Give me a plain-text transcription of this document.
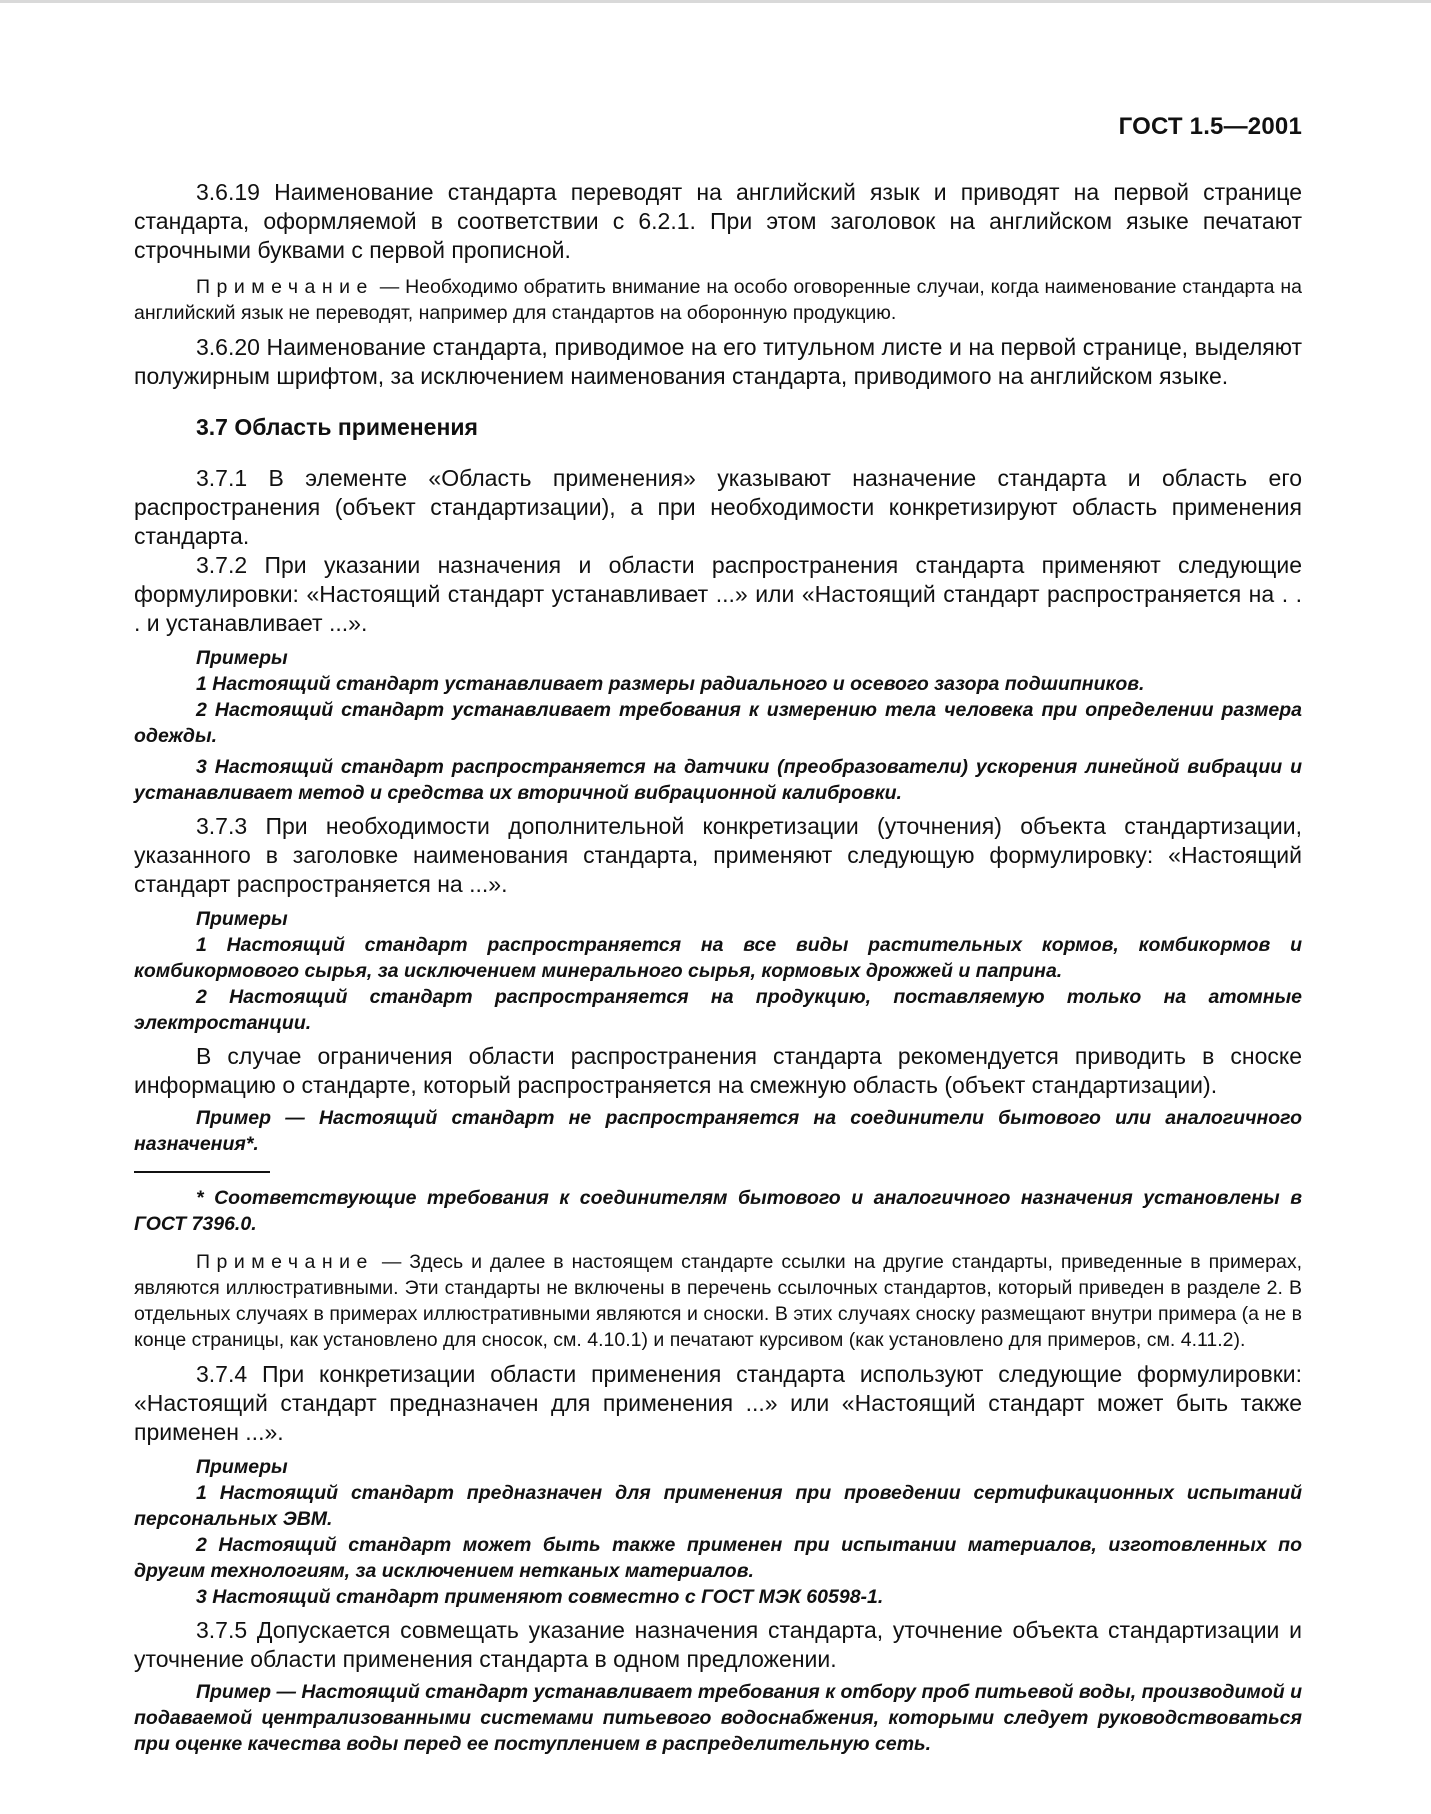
ГОСТ 1.5—2001

3.6.19 Наименование стандарта переводят на английский язык и приводят на первой странице стандарта, оформляемой в соответствии с 6.2.1. При этом заголовок на английском языке печатают строчными буквами с первой прописной.

Примечание — Необходимо обратить внимание на особо оговоренные случаи, когда наименование стандарта на английский язык не переводят, например для стандартов на оборонную продукцию.

3.6.20 Наименование стандарта, приводимое на его титульном листе и на первой странице, выделяют полужирным шрифтом, за исключением наименования стандарта, приводимого на английском языке.

3.7 Область применения

3.7.1 В элементе «Область применения» указывают назначение стандарта и область его распространения (объект стандартизации), а при необходимости конкретизируют область применения стандарта.

3.7.2 При указании назначения и области распространения стандарта применяют следующие формулировки: «Настоящий стандарт устанавливает ...» или «Настоящий стандарт распространяется на . . . и устанавливает ...».

Примеры

1 Настоящий стандарт устанавливает размеры радиального и осевого зазора подшипников.

2 Настоящий стандарт устанавливает требования к измерению тела человека при определении размера одежды.

3 Настоящий стандарт распространяется на датчики (преобразователи) ускорения линейной вибрации и устанавливает метод и средства их вторичной вибрационной калибровки.

3.7.3 При необходимости дополнительной конкретизации (уточнения) объекта стандартизации, указанного в заголовке наименования стандарта, применяют следующую формулировку: «Настоящий стандарт распространяется на ...».

Примеры

1 Настоящий стандарт распространяется на все виды растительных кормов, комбикормов и комбикормового сырья, за исключением минерального сырья, кормовых дрожжей и паприна.

2 Настоящий стандарт распространяется на продукцию, поставляемую только на атомные электростанции.

В случае ограничения области распространения стандарта рекомендуется приводить в сноске информацию о стандарте, который распространяется на смежную область (объект стандартизации).

Пример — Настоящий стандарт не распространяется на соединители бытового или аналогичного назначения*.

* Соответствующие требования к соединителям бытового и аналогичного назначения установлены в ГОСТ 7396.0.

Примечание — Здесь и далее в настоящем стандарте ссылки на другие стандарты, приведенные в примерах, являются иллюстративными. Эти стандарты не включены в перечень ссылочных стандартов, который приведен в разделе 2. В отдельных случаях в примерах иллюстративными являются и сноски. В этих случаях сноску размещают внутри примера (а не в конце страницы, как установлено для сносок, см. 4.10.1) и печатают курсивом (как установлено для примеров, см. 4.11.2).

3.7.4 При конкретизации области применения стандарта используют следующие формулировки: «Настоящий стандарт предназначен для применения ...» или «Настоящий стандарт может быть также применен ...».

Примеры

1 Настоящий стандарт предназначен для применения при проведении сертификационных испытаний персональных ЭВМ.

2 Настоящий стандарт может быть также применен при испытании материалов, изготовленных по другим технологиям, за исключением нетканых материалов.

3 Настоящий стандарт применяют совместно с ГОСТ МЭК 60598-1.

3.7.5 Допускается совмещать указание назначения стандарта, уточнение объекта стандартизации и уточнение области применения стандарта в одном предложении.

Пример — Настоящий стандарт устанавливает требования к отбору проб питьевой воды, производимой и подаваемой централизованными системами питьевого водоснабжения, которыми следует руководствоваться при оценке качества воды перед ее поступлением в распределительную сеть.
